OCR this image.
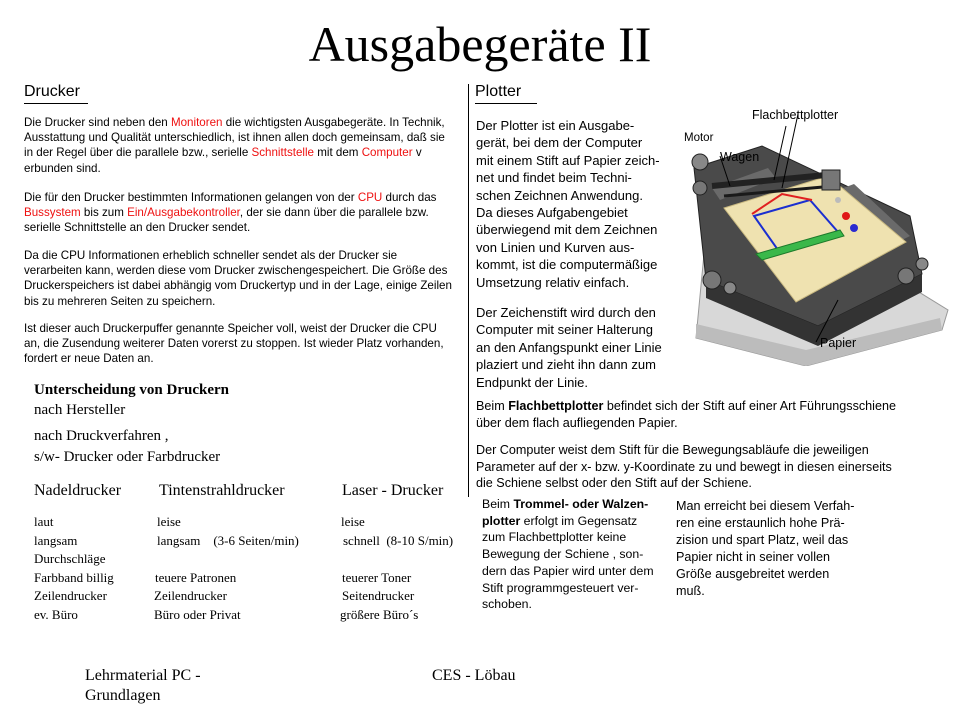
Ausgabegeräte II
Drucker
Die Drucker sind neben den Monitoren die wichtigsten Ausgabegeräte. In Technik, Ausstattung und Qualität unterschiedlich, ist ihnen allen doch gemeinsam, daß sie in der Regel über die parallele bzw., serielle Schnittstelle mit dem Computer v erbunden sind.
Die für den Drucker bestimmten Informationen gelangen von der CPU durch das Bussystem bis zum Ein/Ausgabekontroller, der sie dann über die parallele bzw. serielle Schnittstelle an den Drucker sendet.
Da die CPU Informationen erheblich schneller sendet als der Drucker sie verarbeiten kann, werden diese vom Drucker zwischengespeichert. Die Größe des Druckerspeichers ist dabei abhängig vom Druckertyp und in der Lage, einige Zeilen bis zu mehreren Seiten zu speichern.
Ist dieser auch Druckerpuffer genannte Speicher voll, weist der Drucker die CPU an, die Zusendung weiterer Daten vorerst zu stoppen. Ist wieder Platz vorhanden, fordert er neue Daten an.
Unterscheidung von Druckern
nach Hersteller
nach Druckverfahren ,
s/w- Drucker oder Farbdrucker
Nadeldrucker Tintenstrahldrucker	Laser - Drucker
laut	leise	leise
langsam	langsam    (3-6 Seiten/min)	schnell  (8-10 S/min)
Durchschläge
Farbband billig	teuere Patronen	teuerer Toner
Zeilendrucker	Zeilendrucker	Seitendrucker
ev. Büro	Büro oder Privat	größere Büro´s
Plotter
Der Plotter ist ein Ausgabe-
gerät, bei dem der Computer
mit einem Stift auf Papier zeich-
net und findet beim Techni-
schen Zeichnen Anwendung.
Da dieses Aufgabengebiet
überwiegend mit dem Zeichnen
von Linien und Kurven aus-
kommt, ist die computermäßige
Umsetzung relativ einfach.
Der Zeichenstift wird durch den
Computer mit seiner Halterung
an den Anfangspunkt einer Linie
plaziert und zieht ihn dann zum
Endpunkt der Linie.
Flachbettplotter
Motor
Wagen
Papier
Beim Flachbettplotter befindet sich der Stift auf einer Art Führungsschiene
über dem flach aufliegenden Papier.
Der Computer weist dem Stift für die Bewegungsabläufe die jeweiligen
Parameter auf der x- bzw. y-Koordinate zu und bewegt in diesen einerseits
die Schiene selbst oder den Stift auf der Schiene.
Beim Trommel- oder Walzen-
plotter erfolgt im Gegensatz
zum Flachbettplotter keine
Bewegung der Schiene , son-
dern das Papier wird unter dem
Stift programmgesteuert ver-
schoben.
Man erreicht bei diesem Verfah-
ren eine erstaunlich hohe Prä-
zision und spart Platz, weil das
Papier nicht in seiner vollen
Größe ausgebreitet werden
muß.
Lehrmaterial PC - Grundlagen
CES - Löbau
